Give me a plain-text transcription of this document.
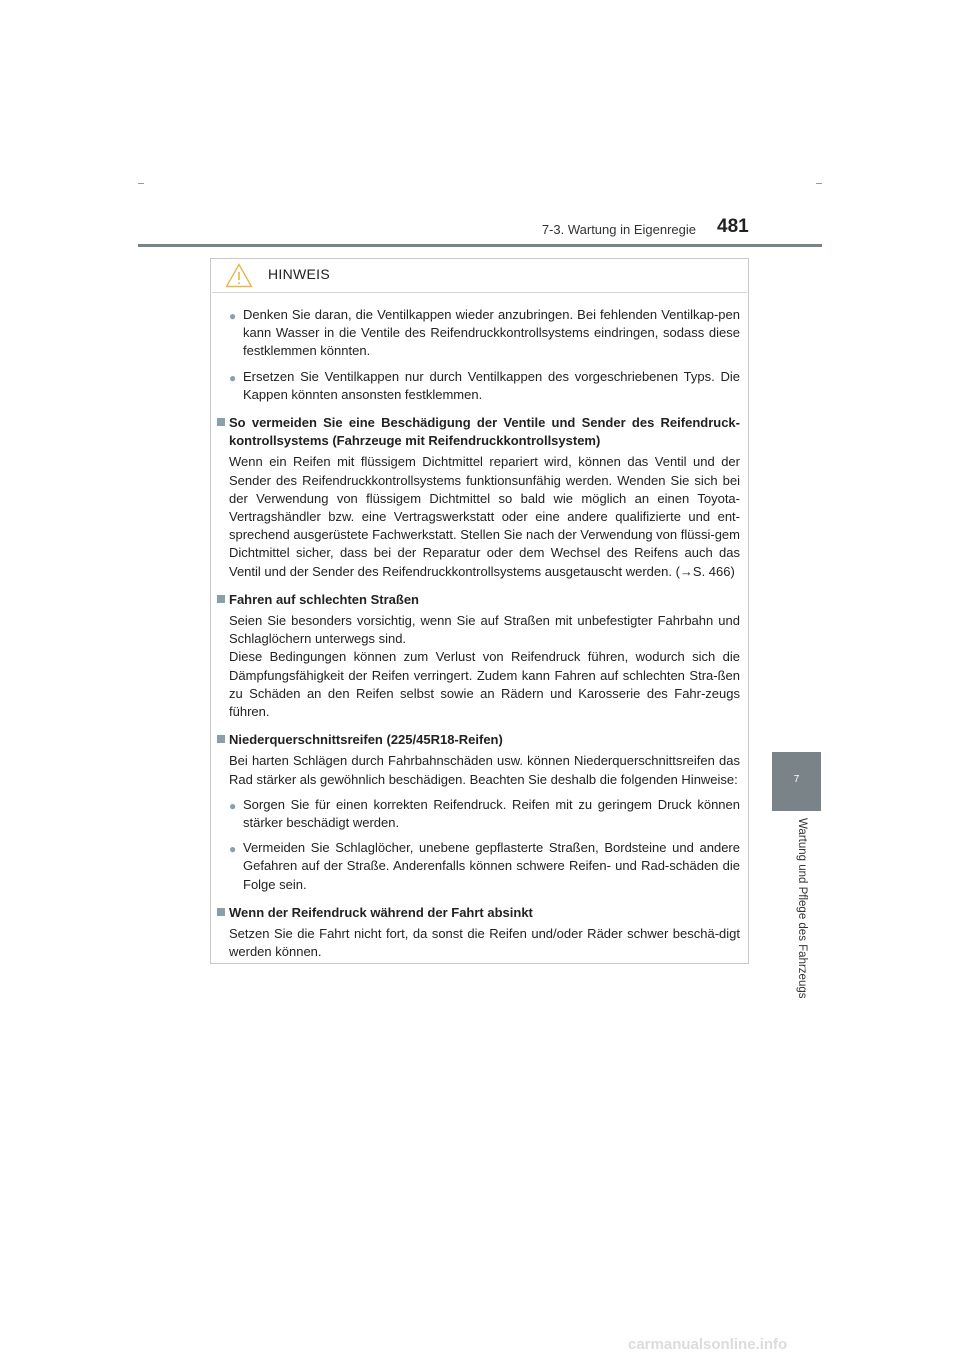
7-3. Wartung in Eigenregie 481
7
Wartung und Pflege des Fahrzeugs
HINWEIS
● Denken Sie daran, die Ventilkappen wieder anzubringen. Bei fehlenden Ventilkap-pen kann Wasser in die Ventile des Reifendruckkontrollsystems eindringen, sodass diese festklemmen könnten.
● Ersetzen Sie Ventilkappen nur durch Ventilkappen des vorgeschriebenen Typs. Die Kappen könnten ansonsten festklemmen.
So vermeiden Sie eine Beschädigung der Ventile und Sender des Reifendruck-kontrollsystems (Fahrzeuge mit Reifendruckkontrollsystem)
Wenn ein Reifen mit flüssigem Dichtmittel repariert wird, können das Ventil und der Sender des Reifendruckkontrollsystems funktionsunfähig werden. Wenden Sie sich bei der Verwendung von flüssigem Dichtmittel so bald wie möglich an einen Toyota-Vertragshändler bzw. eine Vertragswerkstatt oder eine andere qualifizierte und ent-sprechend ausgerüstete Fachwerkstatt. Stellen Sie nach der Verwendung von flüssi-gem Dichtmittel sicher, dass bei der Reparatur oder dem Wechsel des Reifens auch das Ventil und der Sender des Reifendruckkontrollsystems ausgetauscht werden. (→S. 466)
Fahren auf schlechten Straßen
Seien Sie besonders vorsichtig, wenn Sie auf Straßen mit unbefestigter Fahrbahn und Schlaglöchern unterwegs sind.
Diese Bedingungen können zum Verlust von Reifendruck führen, wodurch sich die Dämpfungsfähigkeit der Reifen verringert. Zudem kann Fahren auf schlechten Stra-ßen zu Schäden an den Reifen selbst sowie an Rädern und Karosserie des Fahr-zeugs führen.
Niederquerschnittsreifen (225/45R18-Reifen)
Bei harten Schlägen durch Fahrbahnschäden usw. können Niederquerschnittsreifen das Rad stärker als gewöhnlich beschädigen. Beachten Sie deshalb die folgenden Hinweise:
● Sorgen Sie für einen korrekten Reifendruck. Reifen mit zu geringem Druck können stärker beschädigt werden.
● Vermeiden Sie Schlaglöcher, unebene gepflasterte Straßen, Bordsteine und andere Gefahren auf der Straße. Anderenfalls können schwere Reifen- und Rad-schäden die Folge sein.
Wenn der Reifendruck während der Fahrt absinkt
Setzen Sie die Fahrt nicht fort, da sonst die Reifen und/oder Räder schwer beschä-digt werden können.
carmanualsonline.info
